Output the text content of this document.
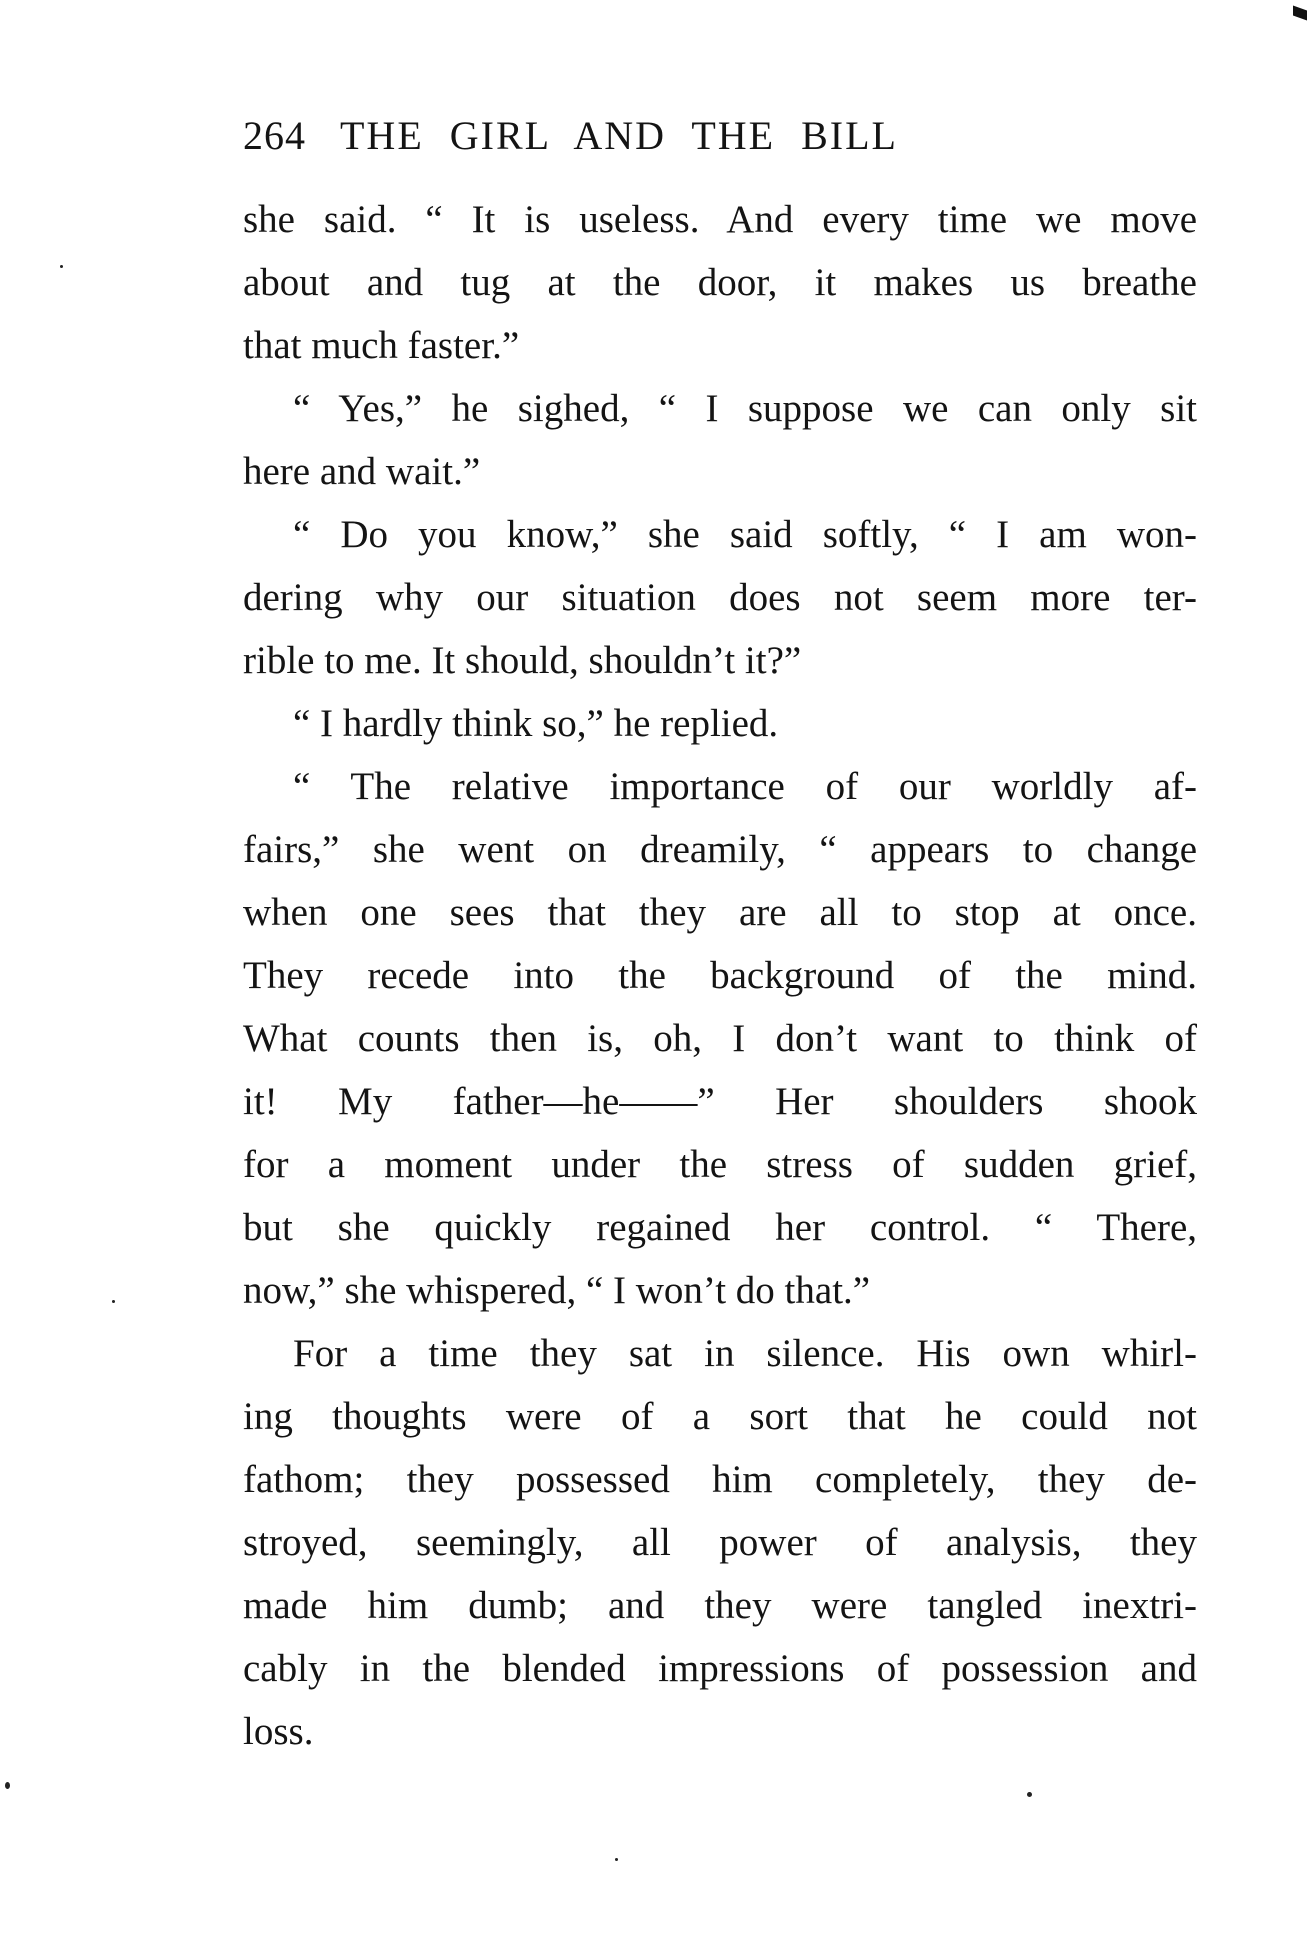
264 THE GIRL AND THE BILL
she said. “ It is useless. And every time we move
about and tug at the door, it makes us breathe
that much faster.”
“ Yes,” he sighed, “ I suppose we can only sit
here and wait.”
“ Do you know,” she said softly, “ I am won-
dering why our situation does not seem more ter-
rible to me. It should, shouldn’t it?”
“ I hardly think so,” he replied.
“ The relative importance of our worldly af-
fairs,” she went on dreamily, “ appears to change
when one sees that they are all to stop at once.
They recede into the background of the mind.
What counts then is, oh, I don’t want to think of
it! My father—he——” Her shoulders shook
for a moment under the stress of sudden grief,
but she quickly regained her control. “ There,
now,” she whispered, “ I won’t do that.”
For a time they sat in silence. His own whirl-
ing thoughts were of a sort that he could not
fathom; they possessed him completely, they de-
stroyed, seemingly, all power of analysis, they
made him dumb; and they were tangled inextri-
cably in the blended impressions of possession and
loss.
